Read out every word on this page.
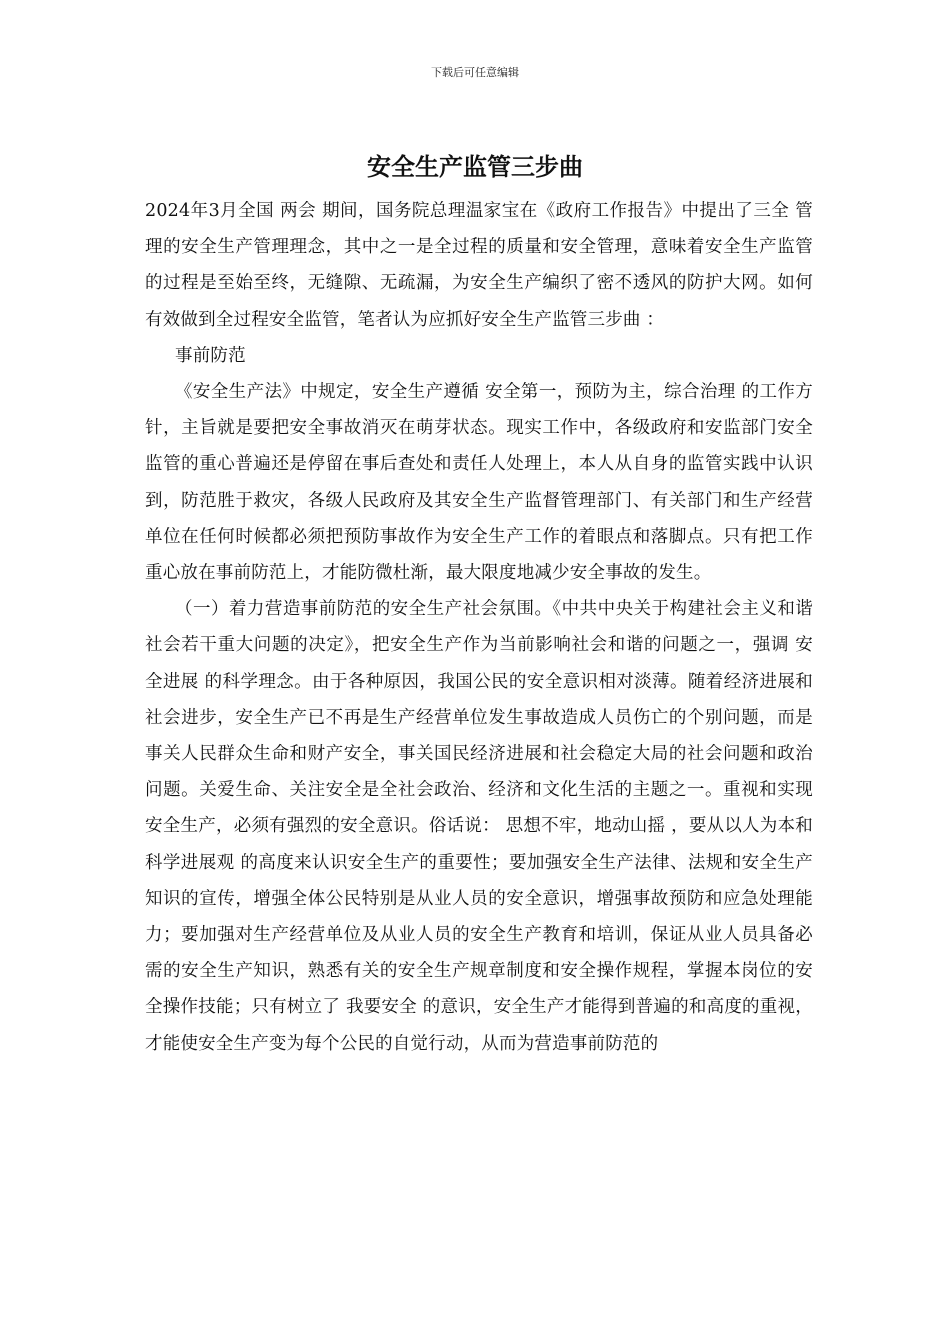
下载后可任意编辑
安全生产监管三步曲

2024年3月全国 两会 期间，国务院总理温家宝在《政府工作报告》中提出了三全 管理的安全生产管理理念，其中之一是全过程的质量和安全管理，意味着安全生产监管的过程是至始至终，无缝隙、无疏漏，为安全生产编织了密不透风的防护大网。如何有效做到全过程安全监管，笔者认为应抓好安全生产监管三步曲 ：

事前防范

《安全生产法》中规定，安全生产遵循 安全第一，预防为主，综合治理 的工作方针，主旨就是要把安全事故消灭在萌芽状态。现实工作中，各级政府和安监部门安全监管的重心普遍还是停留在事后查处和责任人处理上，本人从自身的监管实践中认识到，防范胜于救灾，各级人民政府及其安全生产监督管理部门、有关部门和生产经营单位在任何时候都必须把预防事故作为安全生产工作的着眼点和落脚点。只有把工作重心放在事前防范上，才能防微杜渐，最大限度地减少安全事故的发生。

（一）着力营造事前防范的安全生产社会氛围。《中共中央关于构建社会主义和谐社会若干重大问题的决定》，把安全生产作为当前影响社会和谐的问题之一，强调 安全进展 的科学理念。由于各种原因，我国公民的安全意识相对淡薄。随着经济进展和社会进步，安全生产已不再是生产经营单位发生事故造成人员伤亡的个别问题，而是事关人民群众生命和财产安全，事关国民经济进展和社会稳定大局的社会问题和政治问题。关爱生命、关注安全是全社会政治、经济和文化生活的主题之一。重视和实现安全生产，必须有强烈的安全意识。俗话说： 思想不牢，地动山摇 ，要从以人为本和 科学进展观 的高度来认识安全生产的重要性；要加强安全生产法律、法规和安全生产知识的宣传，增强全体公民特别是从业人员的安全意识，增强事故预防和应急处理能力；要加强对生产经营单位及从业人员的安全生产教育和培训，保证从业人员具备必需的安全生产知识，熟悉有关的安全生产规章制度和安全操作规程，掌握本岗位的安全操作技能；只有树立了 我要安全 的意识，安全生产才能得到普遍的和高度的重视，才能使安全生产变为每个公民的自觉行动，从而为营造事前防范的
